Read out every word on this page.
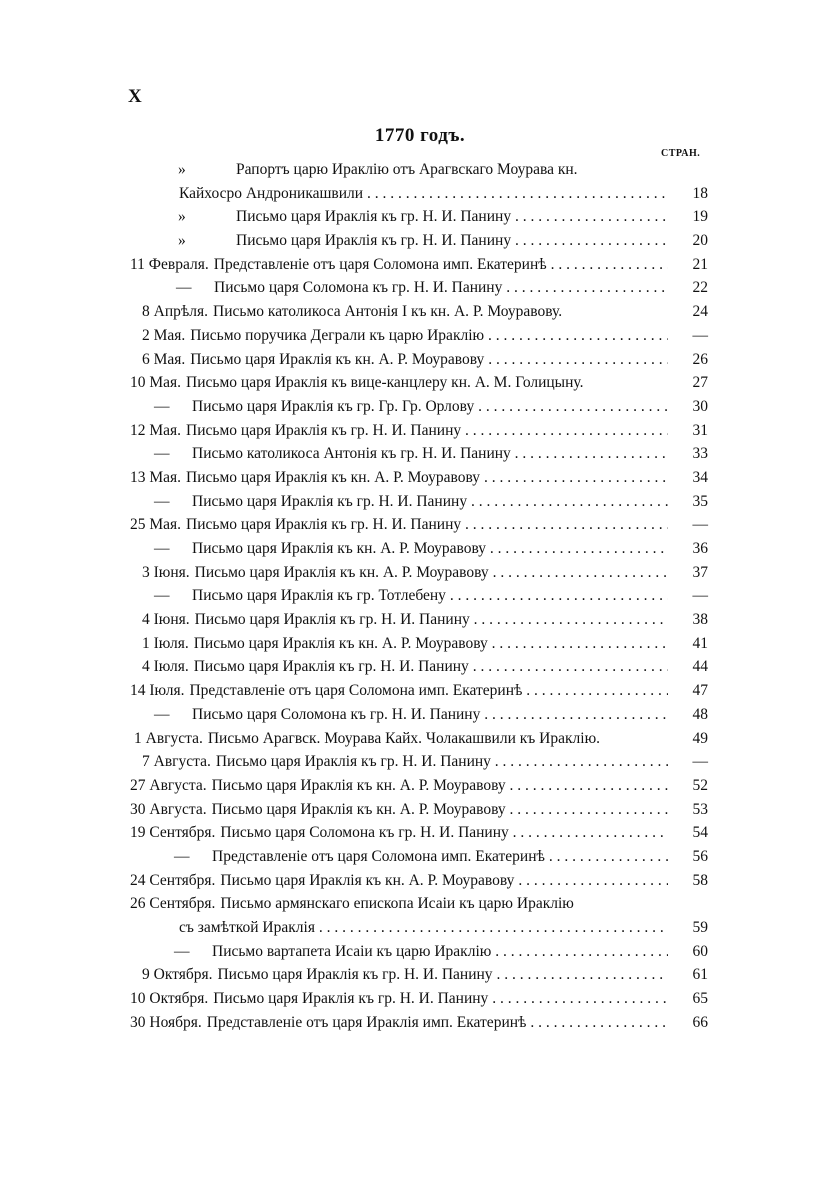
X
1770 годъ.
СТРАН.
»	Рапортъ царю Ираклію отъ Арагвскаго Моурава кн.
Кайхосро Андроникашвили . . .	18
»	Письмо царя Ираклія къ гр. Н. И. Панину . . .	19
»	Письмо царя Ираклія къ гр. Н. И. Панину . . .	20
11 Февраля. Представленіе отъ царя Соломона имп. Екатеринѣ . . .	21
—	Письмо царя Соломона къ гр. Н. И. Панину . . .	22
8 Апрѣля. Письмо католикоса Антонія I къ кн. А. Р. Моуравову.	24
2 Мая. Письмо поручика Деграли къ царю Ираклію . . .	—
6 Мая. Письмо царя Ираклія къ кн. А. Р. Моуравову . . .	26
10 Мая. Письмо царя Ираклія къ вице-канцлеру кн. А. М. Голицыну.	27
—	Письмо царя Ираклія къ гр. Гр. Гр. Орлову . . .	30
12 Мая. Письмо царя Ираклія къ гр. Н. И. Панину . . .	31
—	Письмо католикоса Антонія къ гр. Н. И. Панину . . .	33
13 Мая. Письмо царя Ираклія къ кн. А. Р. Моуравову . . .	34
—	Письмо царя Ираклія къ гр. Н. И. Панину . . .	35
25 Мая. Письмо царя Ираклія къ гр. Н. И. Панину . . .	—
—	Письмо царя Ираклія къ кн. А. Р. Моуравову . . .	36
3 Іюня. Письмо царя Ираклія къ кн. А. Р. Моуравову . . .	37
—	Письмо царя Ираклія къ гр. Тотлебену . . .	—
4 Іюня. Письмо царя Ираклія къ гр. Н. И. Панину . . .	38
1 Іюля. Письмо царя Ираклія къ кн. А. Р. Моуравову . . .	41
4 Іюля. Письмо царя Ираклія къ гр. Н. И. Панину . . .	44
14 Іюля. Представленіе отъ царя Соломона имп. Екатеринѣ . . .	47
—	Письмо царя Соломона къ гр. Н. И. Панину . . .	48
1 Августа. Письмо Арагвск. Моурава Кайх. Чолакашвили къ Ираклію.	49
7 Августа. Письмо царя Ираклія къ гр. Н. И. Панину . . .	—
27 Августа. Письмо царя Ираклія къ кн. А. Р. Моуравову . . .	52
30 Августа. Письмо царя Ираклія къ кн. А. Р. Моуравову . . .	53
19 Сентября. Письмо царя Соломона къ гр. Н. И. Панину . . .	54
—	Представленіе отъ царя Соломона имп. Екатеринѣ . . .	56
24 Сентября. Письмо царя Ираклія къ кн. А. Р. Моуравову . . .	58
26 Сентября. Письмо армянскаго епископа Исаіи къ царю Ираклію
съ замѣткой Ираклія . . .	59
—	Письмо вартапета Исаіи къ царю Ираклію . . .	60
9 Октября. Письмо царя Ираклія къ гр. Н. И. Панину . . .	61
10 Октября. Письмо царя Ираклія къ гр. Н. И. Панину . . .	65
30 Ноября. Представленіе отъ царя Ираклія имп. Екатеринѣ . . .	66
